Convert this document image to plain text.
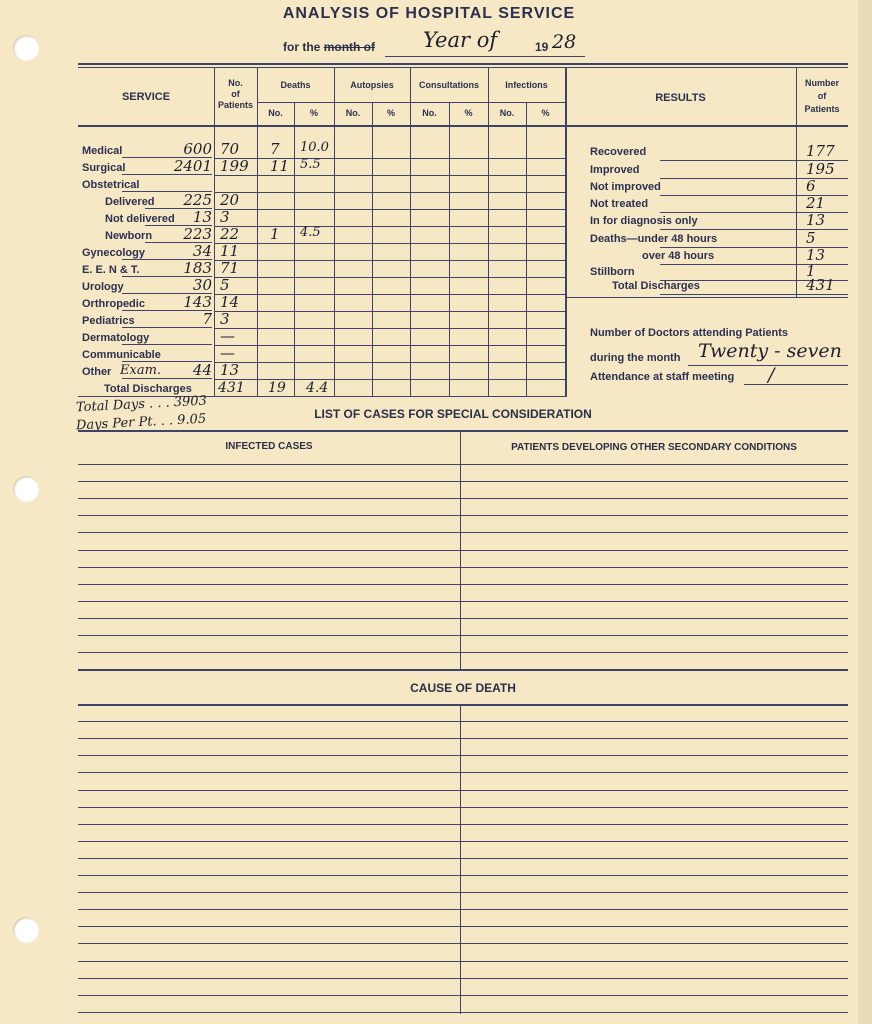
ANALYSIS OF HOSPITAL SERVICE
for the month of Year of	19 28
SERVICE
No.
of
Patients
Deaths	Autopsies	Consultations	Infections
No.	%	No.	%	No.	%	No.	%
RESULTS
Number
of
Patients
Medical	600 70 7 10.0
Surgical	2401 199 11 5.5
Obstetrical
Delivered 225 20
Not delivered 13 3
Newborn 223 22 1 4.5
Gynecology	34 11
E. E. N & T.	183 71
Urology	30 5
Orthropedic	143 14
Pediatrics	7 3
Dermatology	—
Communicable	—
Other Exam. 44 13
Total Discharges 431 19 4.4
Recovered	177
Improved	195
Not improved	6
Not treated	21
In for diagnosis only	13
Deaths—under 48 hours	5
over 48 hours	13
Stillborn	1
Total Discharges	431
Number of Doctors attending Patients
during the month Twenty - seven
Attendance at staff meeting /
Total Days . . . 3903
Days Per Pt. . . 9.05	LIST OF CASES FOR SPECIAL CONSIDERATION
INFECTED CASES	PATIENTS DEVELOPING OTHER SECONDARY CONDITIONS
CAUSE OF DEATH
